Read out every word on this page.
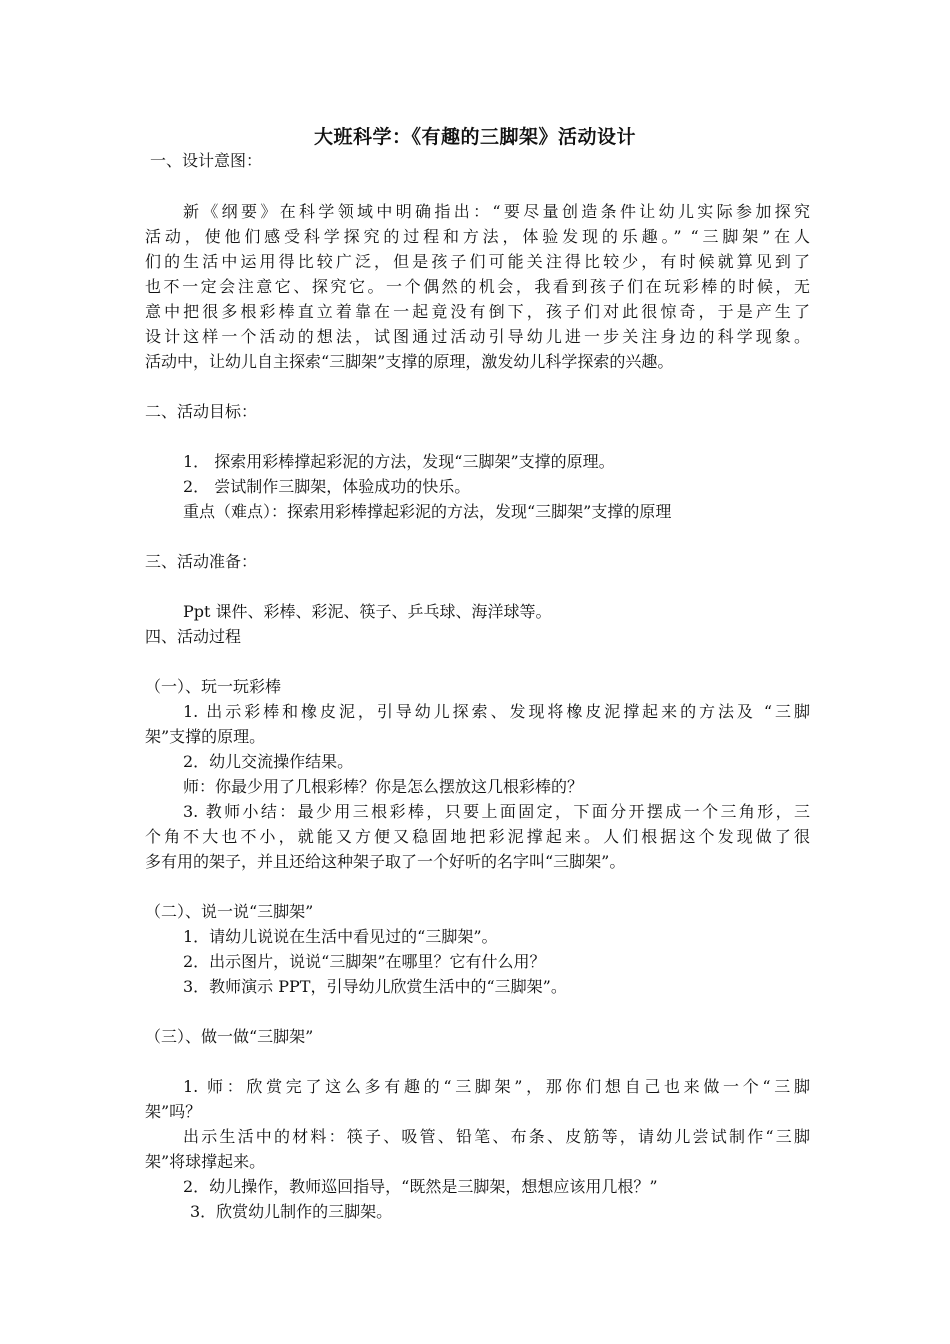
大班科学：《有趣的三脚架》活动设计
一、设计意图：
新《纲要》在科学领域中明确指出：“要尽量创造条件让幼儿实际参加探究
活动，使他们感受科学探究的过程和方法，体验发现的乐趣。” “三脚架”在人
们的生活中运用得比较广泛，但是孩子们可能关注得比较少，有时候就算见到了
也不一定会注意它、探究它。一个偶然的机会，我看到孩子们在玩彩棒的时候，无
意中把很多根彩棒直立着靠在一起竟没有倒下，孩子们对此很惊奇，于是产生了
设计这样一个活动的想法，试图通过活动引导幼儿进一步关注身边的科学现象。
活动中，让幼儿自主探索“三脚架”支撑的原理，激发幼儿科学探索的兴趣。
二、活动目标：
1． 探索用彩棒撑起彩泥的方法，发现“三脚架”支撑的原理。
2． 尝试制作三脚架，体验成功的快乐。
重点（难点）：探索用彩棒撑起彩泥的方法，发现“三脚架”支撑的原理
三、活动准备：
Ppt 课件、彩棒、彩泥、筷子、乒乓球、海洋球等。
四、活动过程
（一）、玩一玩彩棒
1. 出示彩棒和橡皮泥，引导幼儿探索、发现将橡皮泥撑起来的方法及 “三脚
架”支撑的原理。
2．幼儿交流操作结果。
师：你最少用了几根彩棒？你是怎么摆放这几根彩棒的？
3. 教师小结：最少用三根彩棒，只要上面固定，下面分开摆成一个三角形，三
个角不大也不小，就能又方便又稳固地把彩泥撑起来。人们根据这个发现做了很
多有用的架子，并且还给这种架子取了一个好听的名字叫“三脚架”。
（二）、说一说“三脚架”
1．请幼儿说说在生活中看见过的“三脚架”。
2．出示图片，说说“三脚架”在哪里？它有什么用？
3．教师演示 PPT，引导幼儿欣赏生活中的“三脚架”。
（三）、做一做“三脚架”
1. 师：欣赏完了这么多有趣的“三脚架”，那你们想自己也来做一个“三脚
架”吗？
出示生活中的材料：筷子、吸管、铅笔、布条、皮筋等，请幼儿尝试制作“三脚
架”将球撑起来。
2．幼儿操作，教师巡回指导，“既然是三脚架，想想应该用几根？”
3．欣赏幼儿制作的三脚架。
